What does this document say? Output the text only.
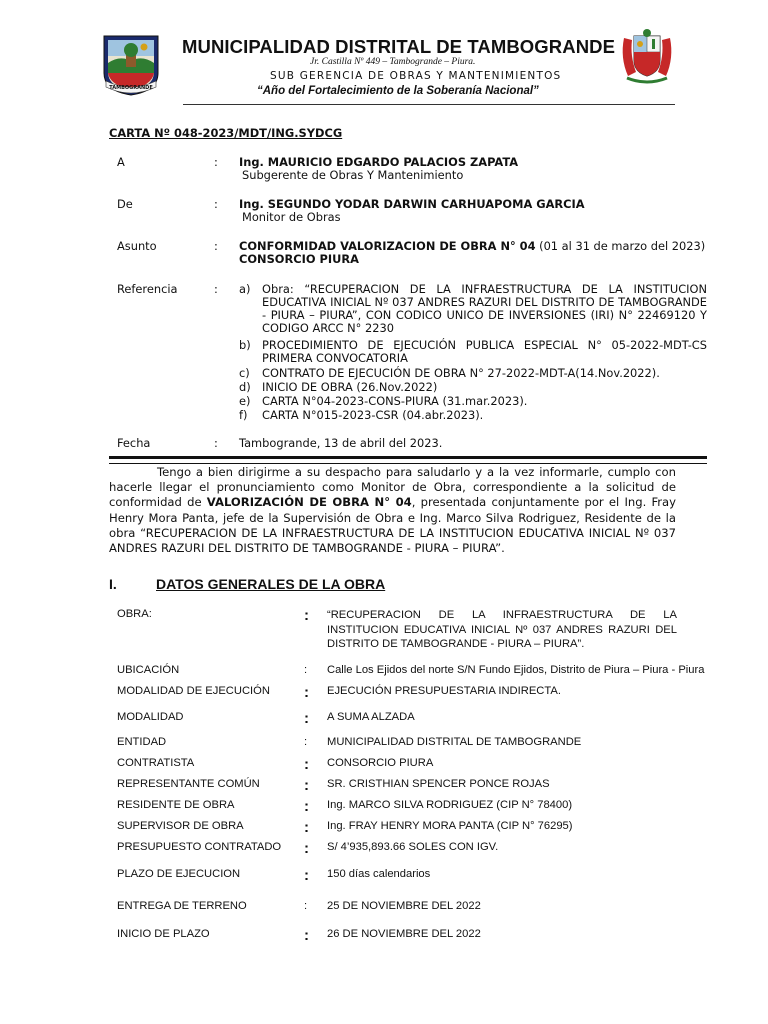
TAMBOGRANDE
MUNICIPALIDAD DISTRITAL DE TAMBOGRANDE
Jr. Castilla Nº 449 – Tambogrande – Piura.
SUB GERENCIA DE OBRAS Y MANTENIMIENTOS
“Año del Fortalecimiento de la Soberanía Nacional”
CARTA Nº 048-2023/MDT/ING.SYDCG
A	: Ing. MAURICIO EDGARDO PALACIOS ZAPATA
Subgerente de Obras Y Mantenimiento
De	: Ing. SEGUNDO YODAR DARWIN CARHUAPOMA GARCIA
Monitor de Obras
Asunto	: CONFORMIDAD VALORIZACION DE OBRA N° 04 (01 al 31 de marzo del 2023)
CONSORCIO PIURA
Referencia	: a) Obra: “RECUPERACION DE LA INFRAESTRUCTURA DE LA INSTITUCION EDUCATIVA INICIAL Nº 037 ANDRES RAZURI DEL DISTRITO DE TAMBOGRANDE - PIURA – PIURA”, CON CODICO UNICO DE INVERSIONES (IRI) N° 22469120 Y CODIGO ARCC N° 2230
b) PROCEDIMIENTO DE EJECUCIÓN PUBLICA ESPECIAL N° 05-2022-MDT-CS PRIMERA CONVOCATORIA
c) CONTRATO DE EJECUCIÓN DE OBRA N° 27-2022-MDT-A(14.Nov.2022).
d) INICIO DE OBRA (26.Nov.2022)
e) CARTA N°04-2023-CONS-PIURA (31.mar.2023).
f) CARTA N°015-2023-CSR (04.abr.2023).
Fecha	: Tambogrande, 13 de abril del 2023.
Tengo a bien dirigirme a su despacho para saludarlo y a la vez informarle, cumplo con hacerle llegar el pronunciamiento como Monitor de Obra, correspondiente a la solicitud de conformidad de VALORIZACIÓN DE OBRA N° 04, presentada conjuntamente por el Ing. Fray Henry Mora Panta, jefe de la Supervisión de Obra e Ing. Marco Silva Rodriguez, Residente de la obra “RECUPERACION DE LA INFRAESTRUCTURA DE LA INSTITUCION EDUCATIVA INICIAL Nº 037 ANDRES RAZURI DEL DISTRITO DE TAMBOGRANDE - PIURA – PIURA”.
I.	DATOS GENERALES DE LA OBRA
OBRA:	: “RECUPERACION DE LA INFRAESTRUCTURA DE LA INSTITUCION EDUCATIVA INICIAL Nº 037 ANDRES RAZURI DEL DISTRITO DE TAMBOGRANDE - PIURA – PIURA”.
UBICACIÓN	: Calle Los Ejidos del norte S/N Fundo Ejidos, Distrito de Piura – Piura - Piura
MODALIDAD DE EJECUCIÓN : EJECUCIÓN PRESUPUESTARIA INDIRECTA.
MODALIDAD	: A SUMA ALZADA
ENTIDAD	: MUNICIPALIDAD DISTRITAL DE TAMBOGRANDE
CONTRATISTA	: CONSORCIO PIURA
REPRESENTANTE COMÚN	: SR. CRISTHIAN SPENCER PONCE ROJAS
RESIDENTE DE OBRA	: Ing. MARCO SILVA RODRIGUEZ (CIP N° 78400)
SUPERVISOR DE OBRA	: Ing. FRAY HENRY MORA PANTA (CIP N° 76295)
PRESUPUESTO CONTRATADO : S/ 4’935,893.66 SOLES CON IGV.
PLAZO DE EJECUCION	: 150 días calendarios
ENTREGA DE TERRENO	: 25 DE NOVIEMBRE DEL 2022
INICIO DE PLAZO	: 26 DE NOVIEMBRE DEL 2022
